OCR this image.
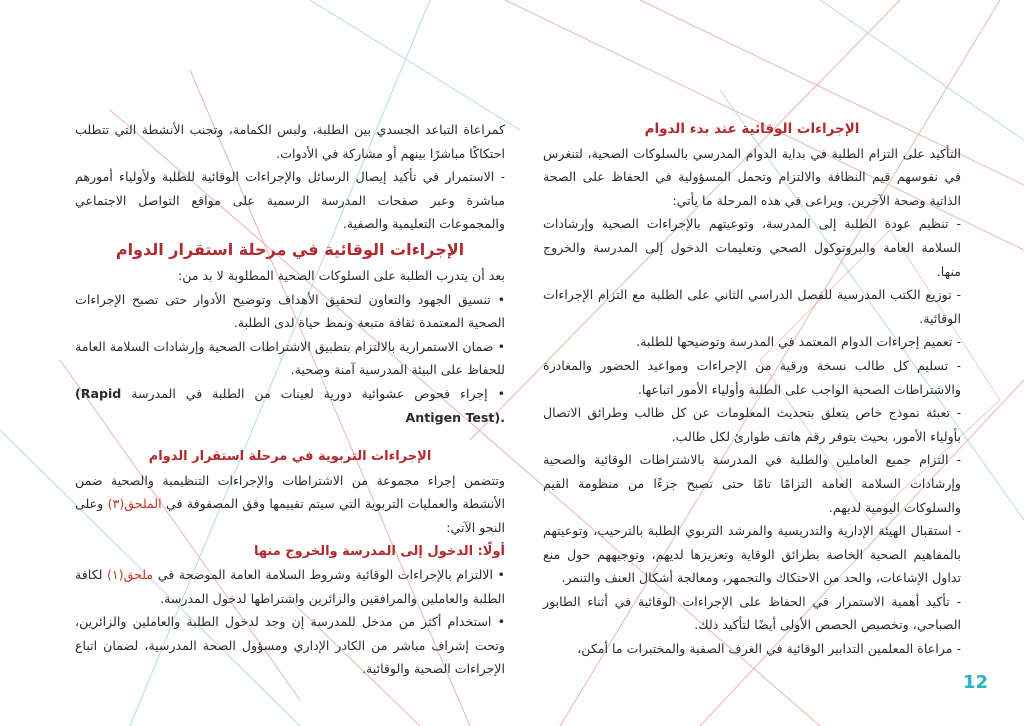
الإجراءات الوقائية عند بدء الدوام

التأكيد على التزام الطلبة في بداية الدوام المدرسي بالسلوكات الصحية، لتنغرس في نفوسهم قيم النظافة والالتزام وتحمل المسؤولية في الحفاظ على الصحة الذاتية وصحة الآخرين. ويراعى في هذه المرحلة ما يأتي:

- تنظيم عودة الطلبة إلى المدرسة، وتوعيتهم بالإجراءات الصحية وإرشادات السلامة العامة والبروتوكول الصحي وتعليمات الدخول إلى المدرسة والخروج منها.

- توزيع الكتب المدرسية للفصل الدراسي الثاني على الطلبة مع التزام الإجراءات الوقائية.

- تعميم إجراءات الدوام المعتمد في المدرسة وتوضيحها للطلبة.

- تسليم كل طالب نسخة ورقية من الإجراءات ومواعيد الحضور والمغادرة والاشتراطات الصحية الواجب على الطلبة وأولياء الأمور اتباعها.

- تعبئة نموذج خاص يتعلق بتحديث المعلومات عن كل طالب وطرائق الاتصال بأولياء الأمور، بحيث يتوفر رقم هاتف طوارئ لكل طالب.

- التزام جميع العاملين والطلبة في المدرسة بالاشتراطات الوقائية والصحية وإرشادات السلامة العامة التزامًا تامًا حتى تصبح جزءًا من منظومة القيم والسلوكات اليومية لديهم.

- استقبال الهيئة الإدارية والتدريسية والمرشد التربوي الطلبة بالترحيب، وتوعيتهم بالمفاهيم الصحية الخاصة بطرائق الوقاية وتعزيزها لديهم، وتوجيههم حول منع تداول الإشاعات، والحد من الاحتكاك والتجمهر، ومعالجة أشكال العنف والتنمر.

- تأكيد أهمية الاستمرار في الحفاظ على الإجراءات الوقائية في أثناء الطابور الصباحي، وتخصيص الحصص الأولى أيضًا لتأكيد ذلك.

- مراعاة المعلمين التدابير الوقائية في الغرف الصفية والمختبرات ما أمكن،

كمراعاة التباعد الجسدي بين الطلبة، ولبس الكمامة، وتجنب الأنشطة التي تتطلب احتكاكًا مباشرًا بينهم أو مشاركة في الأدوات.

- الاستمرار في تأكيد إيصال الرسائل والإجراءات الوقائية للطلبة ولأولياء أمورهم مباشرة وعبر صفحات المدرسة الرسمية على مواقع التواصل الاجتماعي والمجموعات التعليمية والصفية.

الإجراءات الوقائية في مرحلة استقرار الدوام

بعد أن يتدرب الطلبة على السلوكات الصحية المطلوبة لا بد من:

• تنسيق الجهود والتعاون لتحقيق الأهداف وتوضيح الأدوار حتى تصبح الإجراءات الصحية المعتمدة ثقافة متبعة ونمط حياة لدى الطلبة.

• ضمان الاستمرارية بالالتزام بتطبيق الاشتراطات الصحية وإرشادات السلامة العامة للحفاظ على البيئة المدرسية آمنة وصحية.

• إجراء فحوص عشوائية دورية لعينات من الطلبة في المدرسة (Rapid Antigen Test).

الإجراءات التربوية في مرحلة استقرار الدوام

وتتضمن إجراء مجموعة من الاشتراطات والإجراءات التنظيمية والصحية ضمن الأنشطة والعمليات التربوية التي سيتم تقييمها وفق المصفوفة في الملحق(٣) وعلى النحو الآتي:

أولًا: الدخول إلى المدرسة والخروج منها

• الالتزام بالإجراءات الوقائية وشروط السلامة العامة الموضحة في ملحق(١) لكافة الطلبة والعاملين والمرافقين والزائرين واشتراطها لدخول المدرسة.

• استخدام أكثر من مدخل للمدرسة إن وجد لدخول الطلبة والعاملين والزائرين، وتحت إشراف مباشر من الكادر الإداري ومسؤول الصحة المدرسية، لضمان اتباع الإجراءات الصحية والوقائية.

12
